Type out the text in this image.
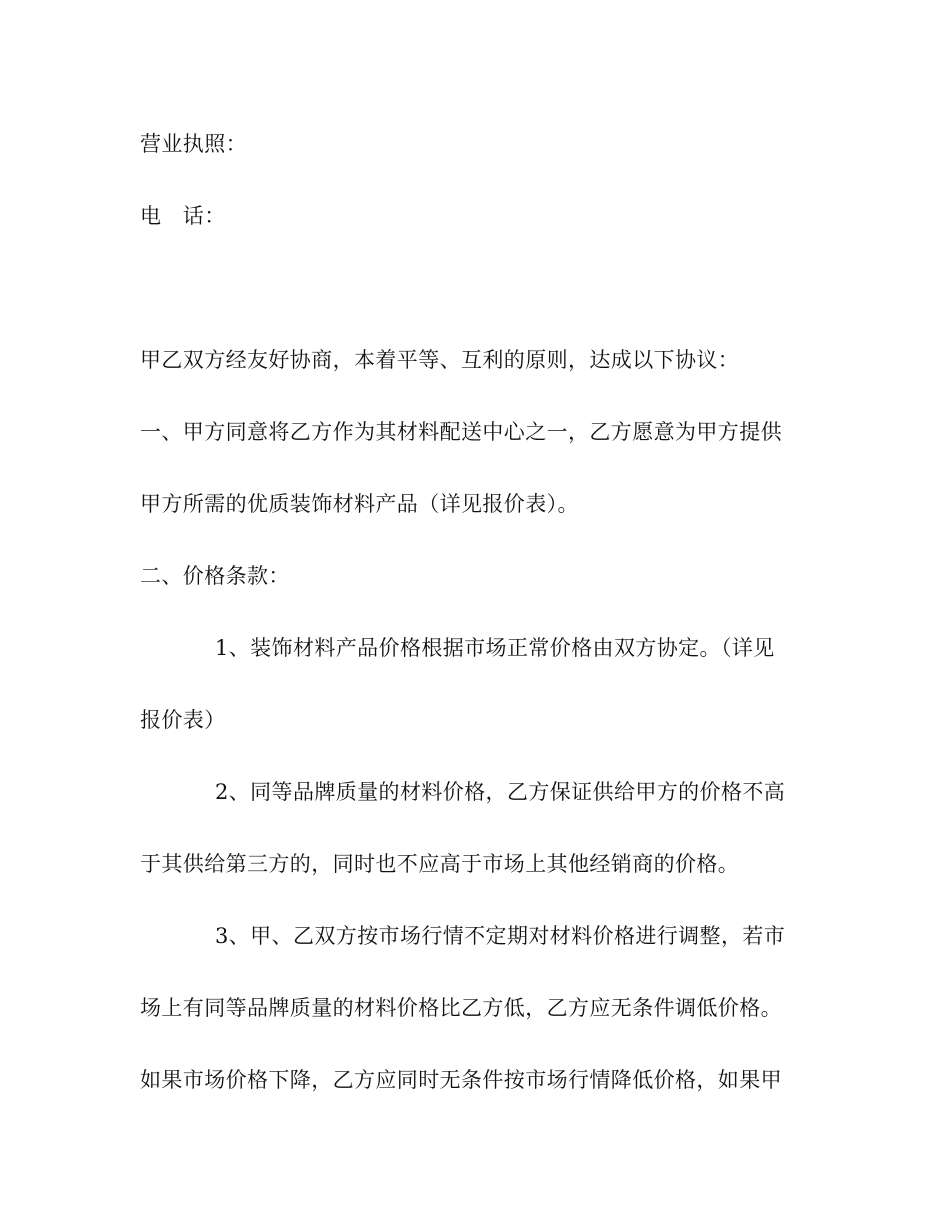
营业执照：
电　话：
甲乙双方经友好协商，本着平等、互利的原则，达成以下协议：
一、甲方同意将乙方作为其材料配送中心之一，乙方愿意为甲方提供
甲方所需的优质装饰材料产品（详见报价表）。
二、价格条款：
1、装饰材料产品价格根据市场正常价格由双方协定。（详见
报价表）
2、同等品牌质量的材料价格，乙方保证供给甲方的价格不高
于其供给第三方的，同时也不应高于市场上其他经销商的价格。
3、甲、乙双方按市场行情不定期对材料价格进行调整，若市
场上有同等品牌质量的材料价格比乙方低，乙方应无条件调低价格。
如果市场价格下降，乙方应同时无条件按市场行情降低价格，如果甲
